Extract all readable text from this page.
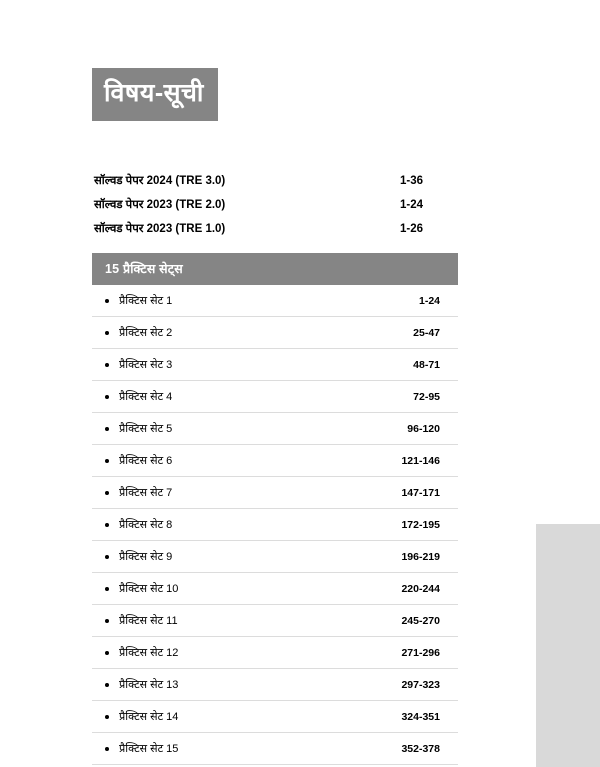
विषय-सूची
सॉल्वड पेपर 2024 (TRE 3.0)	1-36
सॉल्वड पेपर 2023 (TRE 2.0)	1-24
सॉल्वड पेपर 2023 (TRE 1.0)	1-26
15 प्रैक्टिस सेट्स
प्रैक्टिस सेट 1	1-24
प्रैक्टिस सेट 2	25-47
प्रैक्टिस सेट 3	48-71
प्रैक्टिस सेट 4	72-95
प्रैक्टिस सेट 5	96-120
प्रैक्टिस सेट 6	121-146
प्रैक्टिस सेट 7	147-171
प्रैक्टिस सेट 8	172-195
प्रैक्टिस सेट 9	196-219
प्रैक्टिस सेट 10	220-244
प्रैक्टिस सेट 11	245-270
प्रैक्टिस सेट 12	271-296
प्रैक्टिस सेट 13	297-323
प्रैक्टिस सेट 14	324-351
प्रैक्टिस सेट 15	352-378
